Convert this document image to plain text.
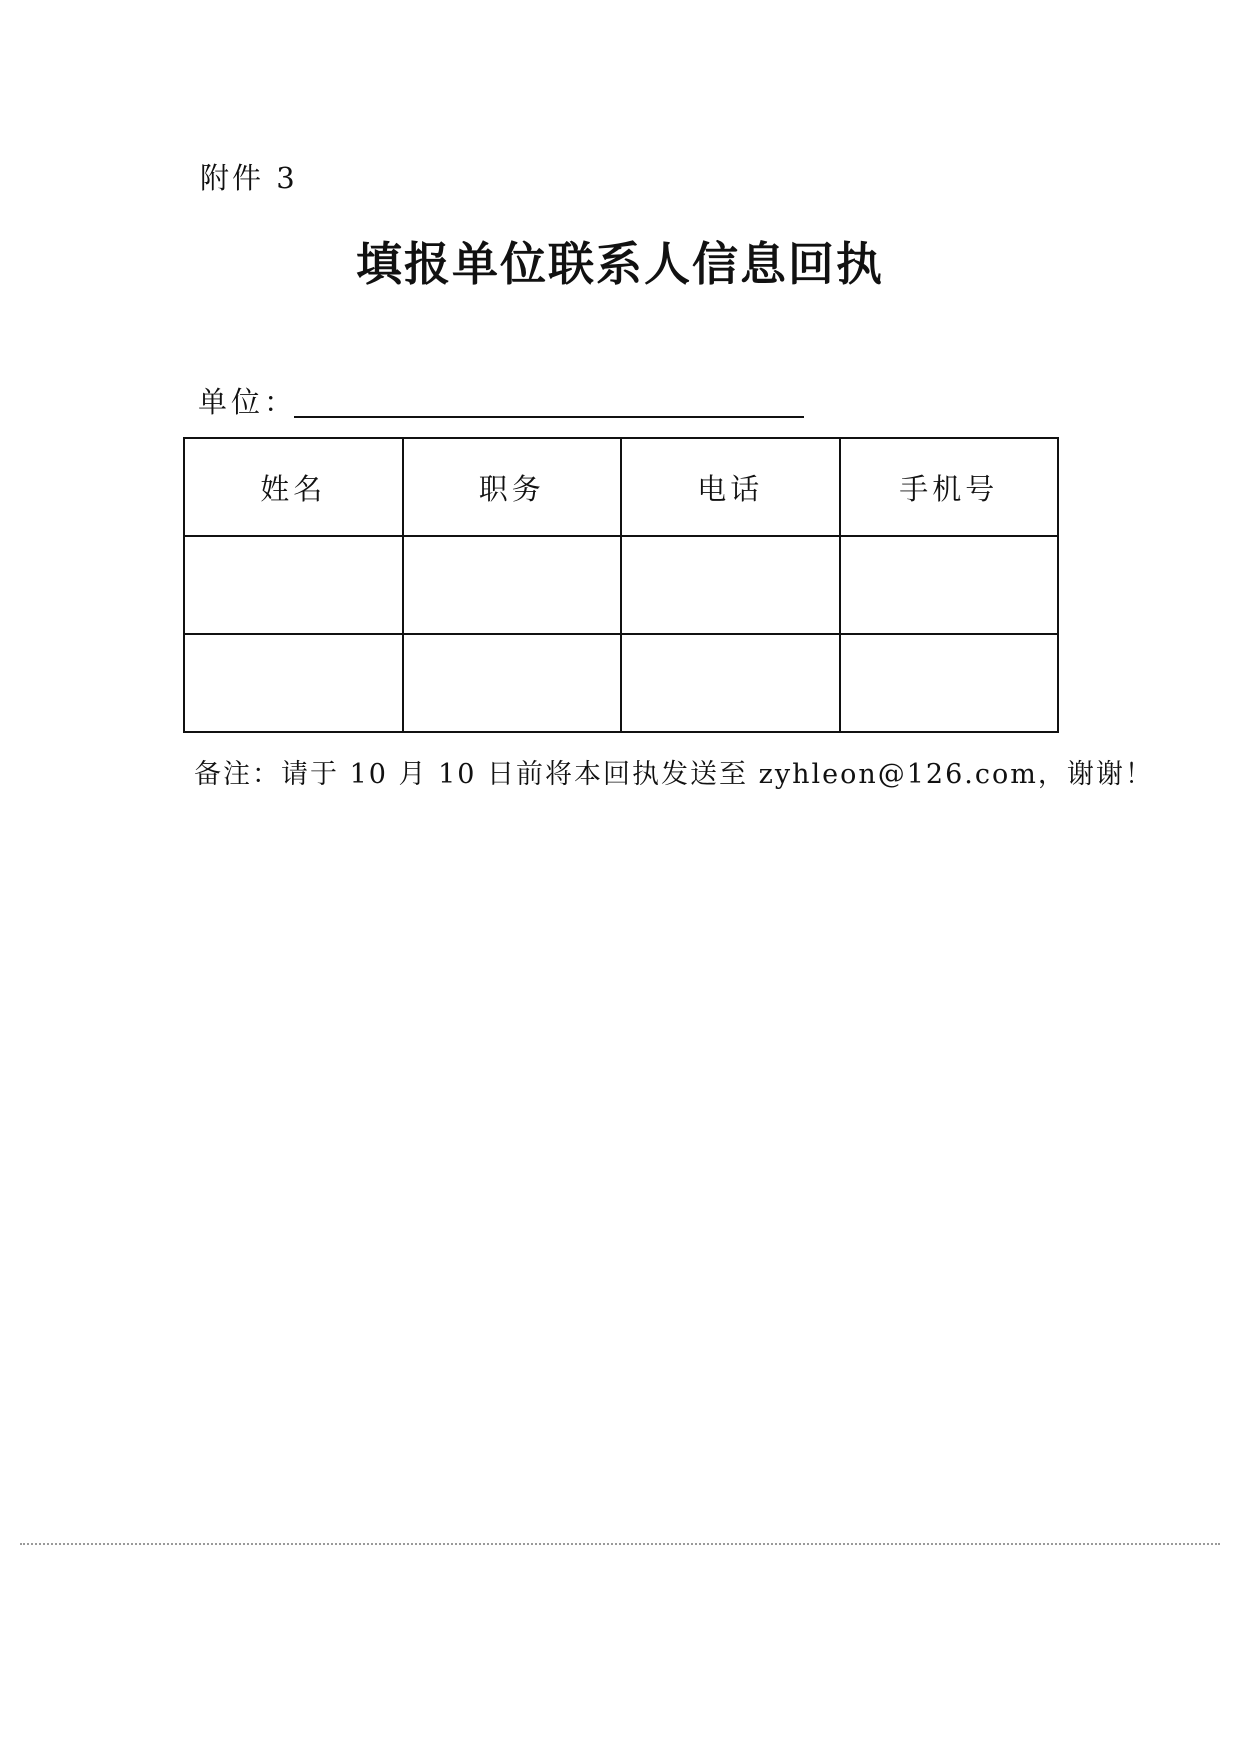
附件 3
填报单位联系人信息回执
单位：
姓名	职务	电话	手机号

备注：请于 10 月 10 日前将本回执发送至 zyhleon@126.com，谢谢！
